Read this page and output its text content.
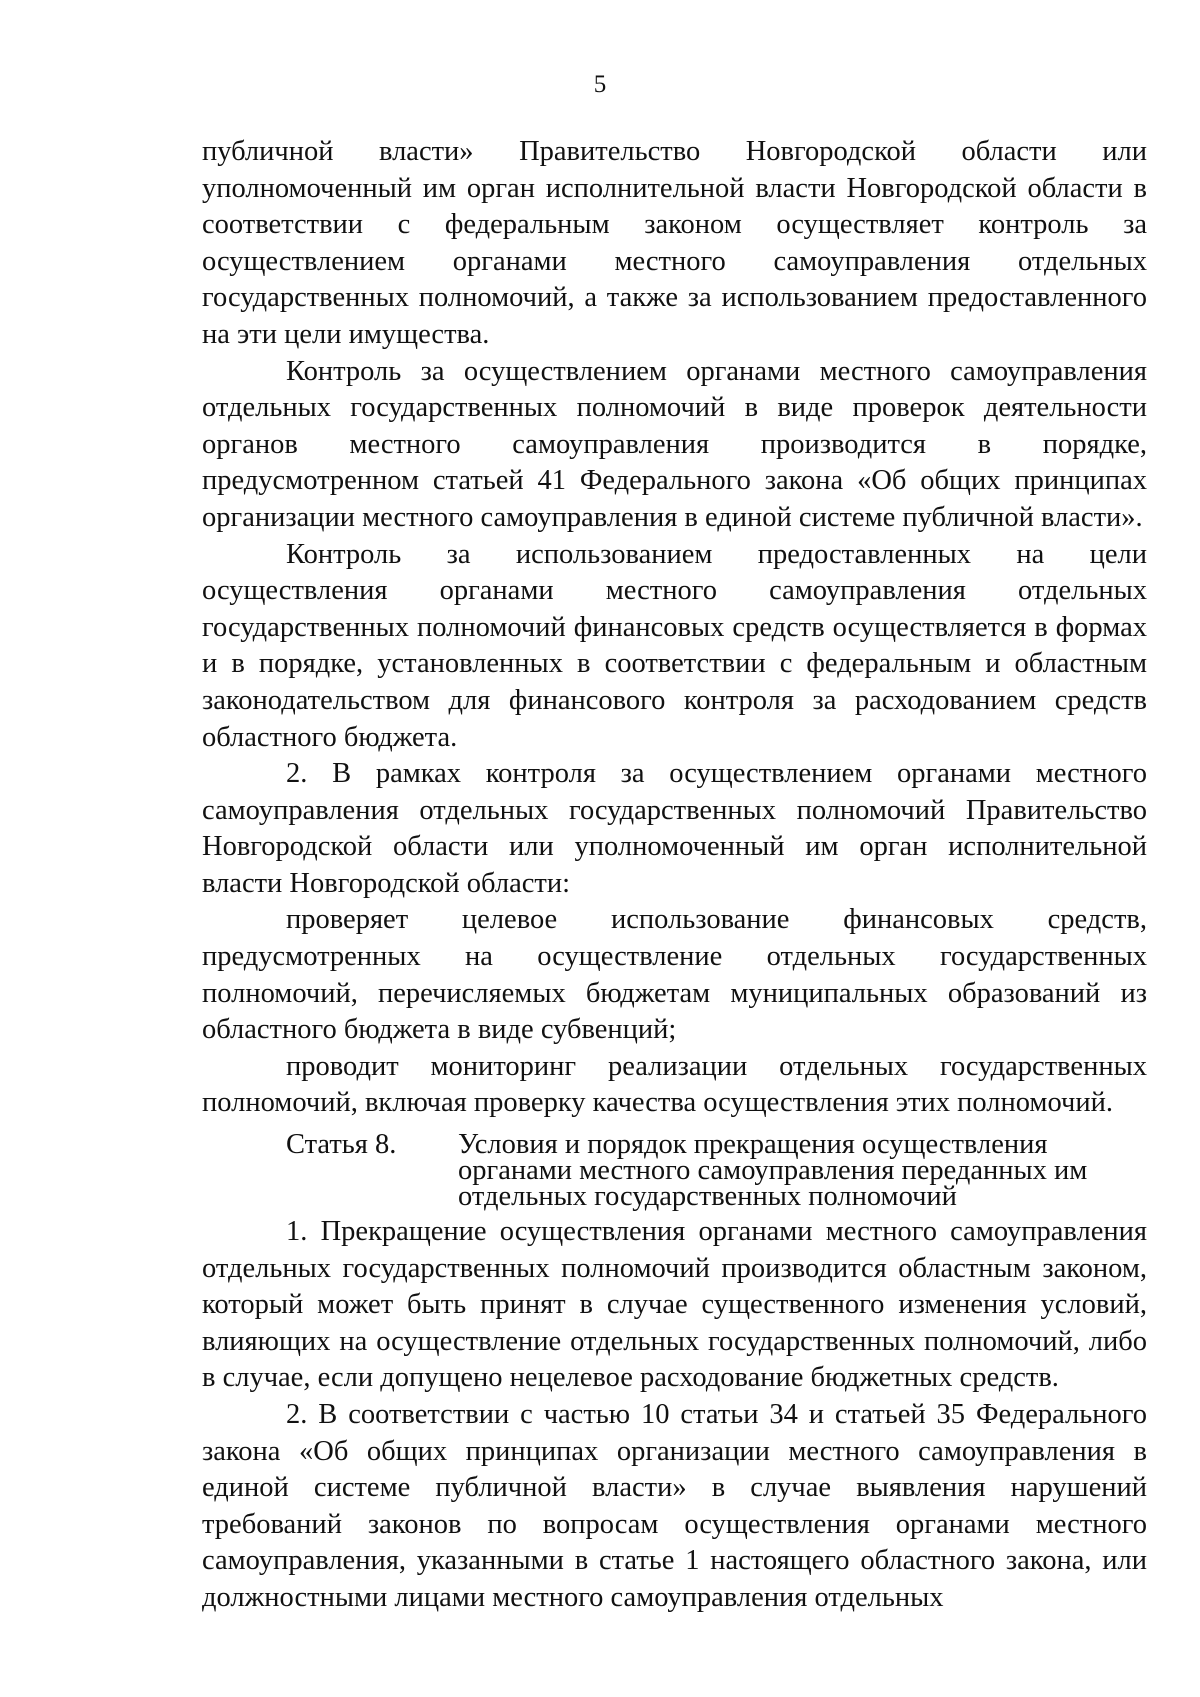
5

публичной власти» Правительство Новгородской области или уполномоченный им орган исполнительной власти Новгородской области в соответствии с федеральным законом осуществляет контроль за осуществлением органами местного самоуправления отдельных государственных полномочий, а также за использованием предоставленного на эти цели имущества.

Контроль за осуществлением органами местного самоуправления отдельных государственных полномочий в виде проверок деятельности органов местного самоуправления производится в порядке, предусмотренном статьей 41 Федерального закона «Об общих принципах организации местного самоуправления в единой системе публичной власти».

Контроль за использованием предоставленных на цели осуществления органами местного самоуправления отдельных государственных полномочий финансовых средств осуществляется в формах и в порядке, установленных в соответствии с федеральным и областным законодательством для финансового контроля за расходованием средств областного бюджета.

2. В рамках контроля за осуществлением органами местного самоуправления отдельных государственных полномочий Правительство Новгородской области или уполномоченный им орган исполнительной власти Новгородской области:

проверяет целевое использование финансовых средств, предусмотренных на осуществление отдельных государственных полномочий, перечисляемых бюджетам муниципальных образований из областного бюджета в виде субвенций;

проводит мониторинг реализации отдельных государственных полномочий, включая проверку качества осуществления этих полномочий.

Статья 8.	Условия и порядок прекращения осуществления
органами местного самоуправления переданных им
отдельных государственных полномочий

1. Прекращение осуществления органами местного самоуправления отдельных государственных полномочий производится областным законом, который может быть принят в случае существенного изменения условий, влияющих на осуществление отдельных государственных полномочий, либо в случае, если допущено нецелевое расходование бюджетных средств.

2. В соответствии с частью 10 статьи 34 и статьей 35 Федерального закона «Об общих принципах организации местного самоуправления в единой системе публичной власти» в случае выявления нарушений требований законов по вопросам осуществления органами местного самоуправления, указанными в статье 1 настоящего областного закона, или должностными лицами местного самоуправления отдельных
